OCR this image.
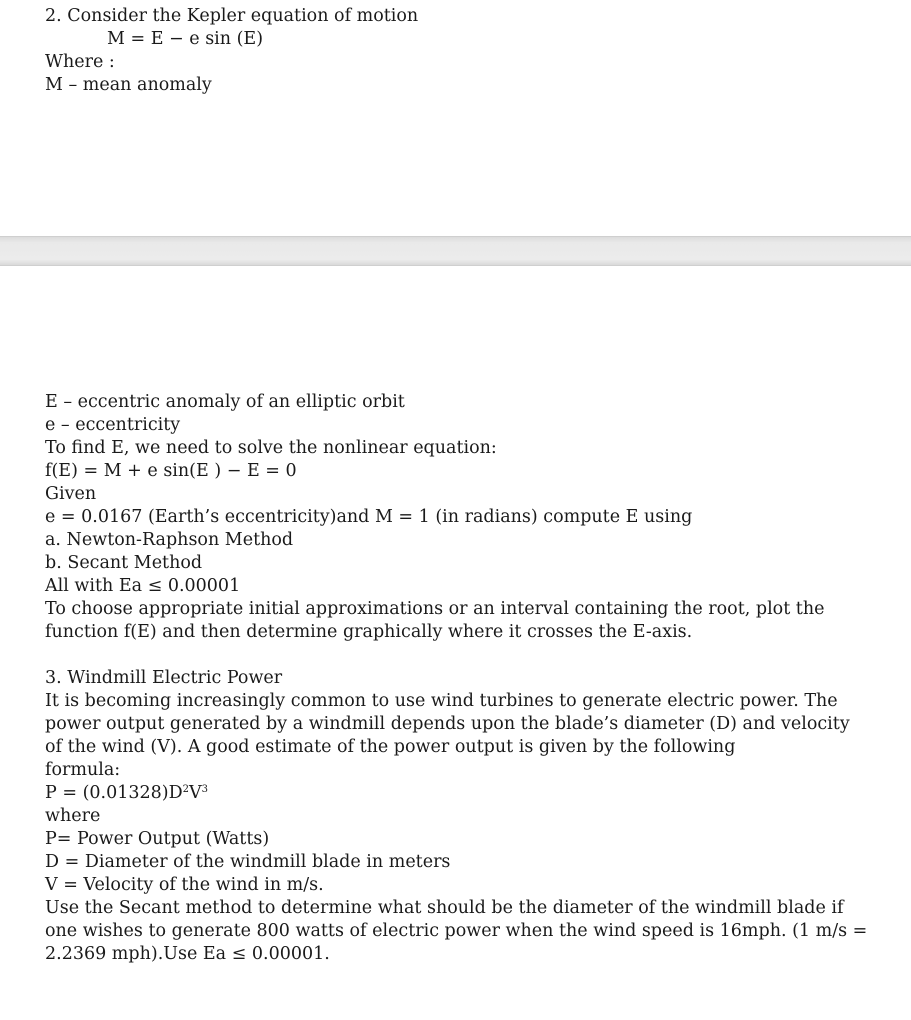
2. Consider the Kepler equation of motion
M = E − e sin (E)
Where :
M – mean anomaly
E – eccentric anomaly of an elliptic orbit
e – eccentricity
To find E, we need to solve the nonlinear equation:
f(E) = M + e sin(E ) − E = 0
Given
e = 0.0167 (Earth’s eccentricity)and M = 1 (in radians) compute E using
a. Newton-Raphson Method
b. Secant Method
All with Ea ≤ 0.00001
To choose appropriate initial approximations or an interval containing the root, plot the
function f(E) and then determine graphically where it crosses the E-axis.
3. Windmill Electric Power
It is becoming increasingly common to use wind turbines to generate electric power. The
power output generated by a windmill depends upon the blade’s diameter (D) and velocity
of the wind (V). A good estimate of the power output is given by the following
formula:
$P = (0.01328)D^2V^3$
where
P= Power Output (Watts)
D = Diameter of the windmill blade in meters
V = Velocity of the wind in m/s.
Use the Secant method to determine what should be the diameter of the windmill blade if
one wishes to generate 800 watts of electric power when the wind speed is 16mph. (1 m/s =
2.2369 mph).Use Ea ≤ 0.00001.
